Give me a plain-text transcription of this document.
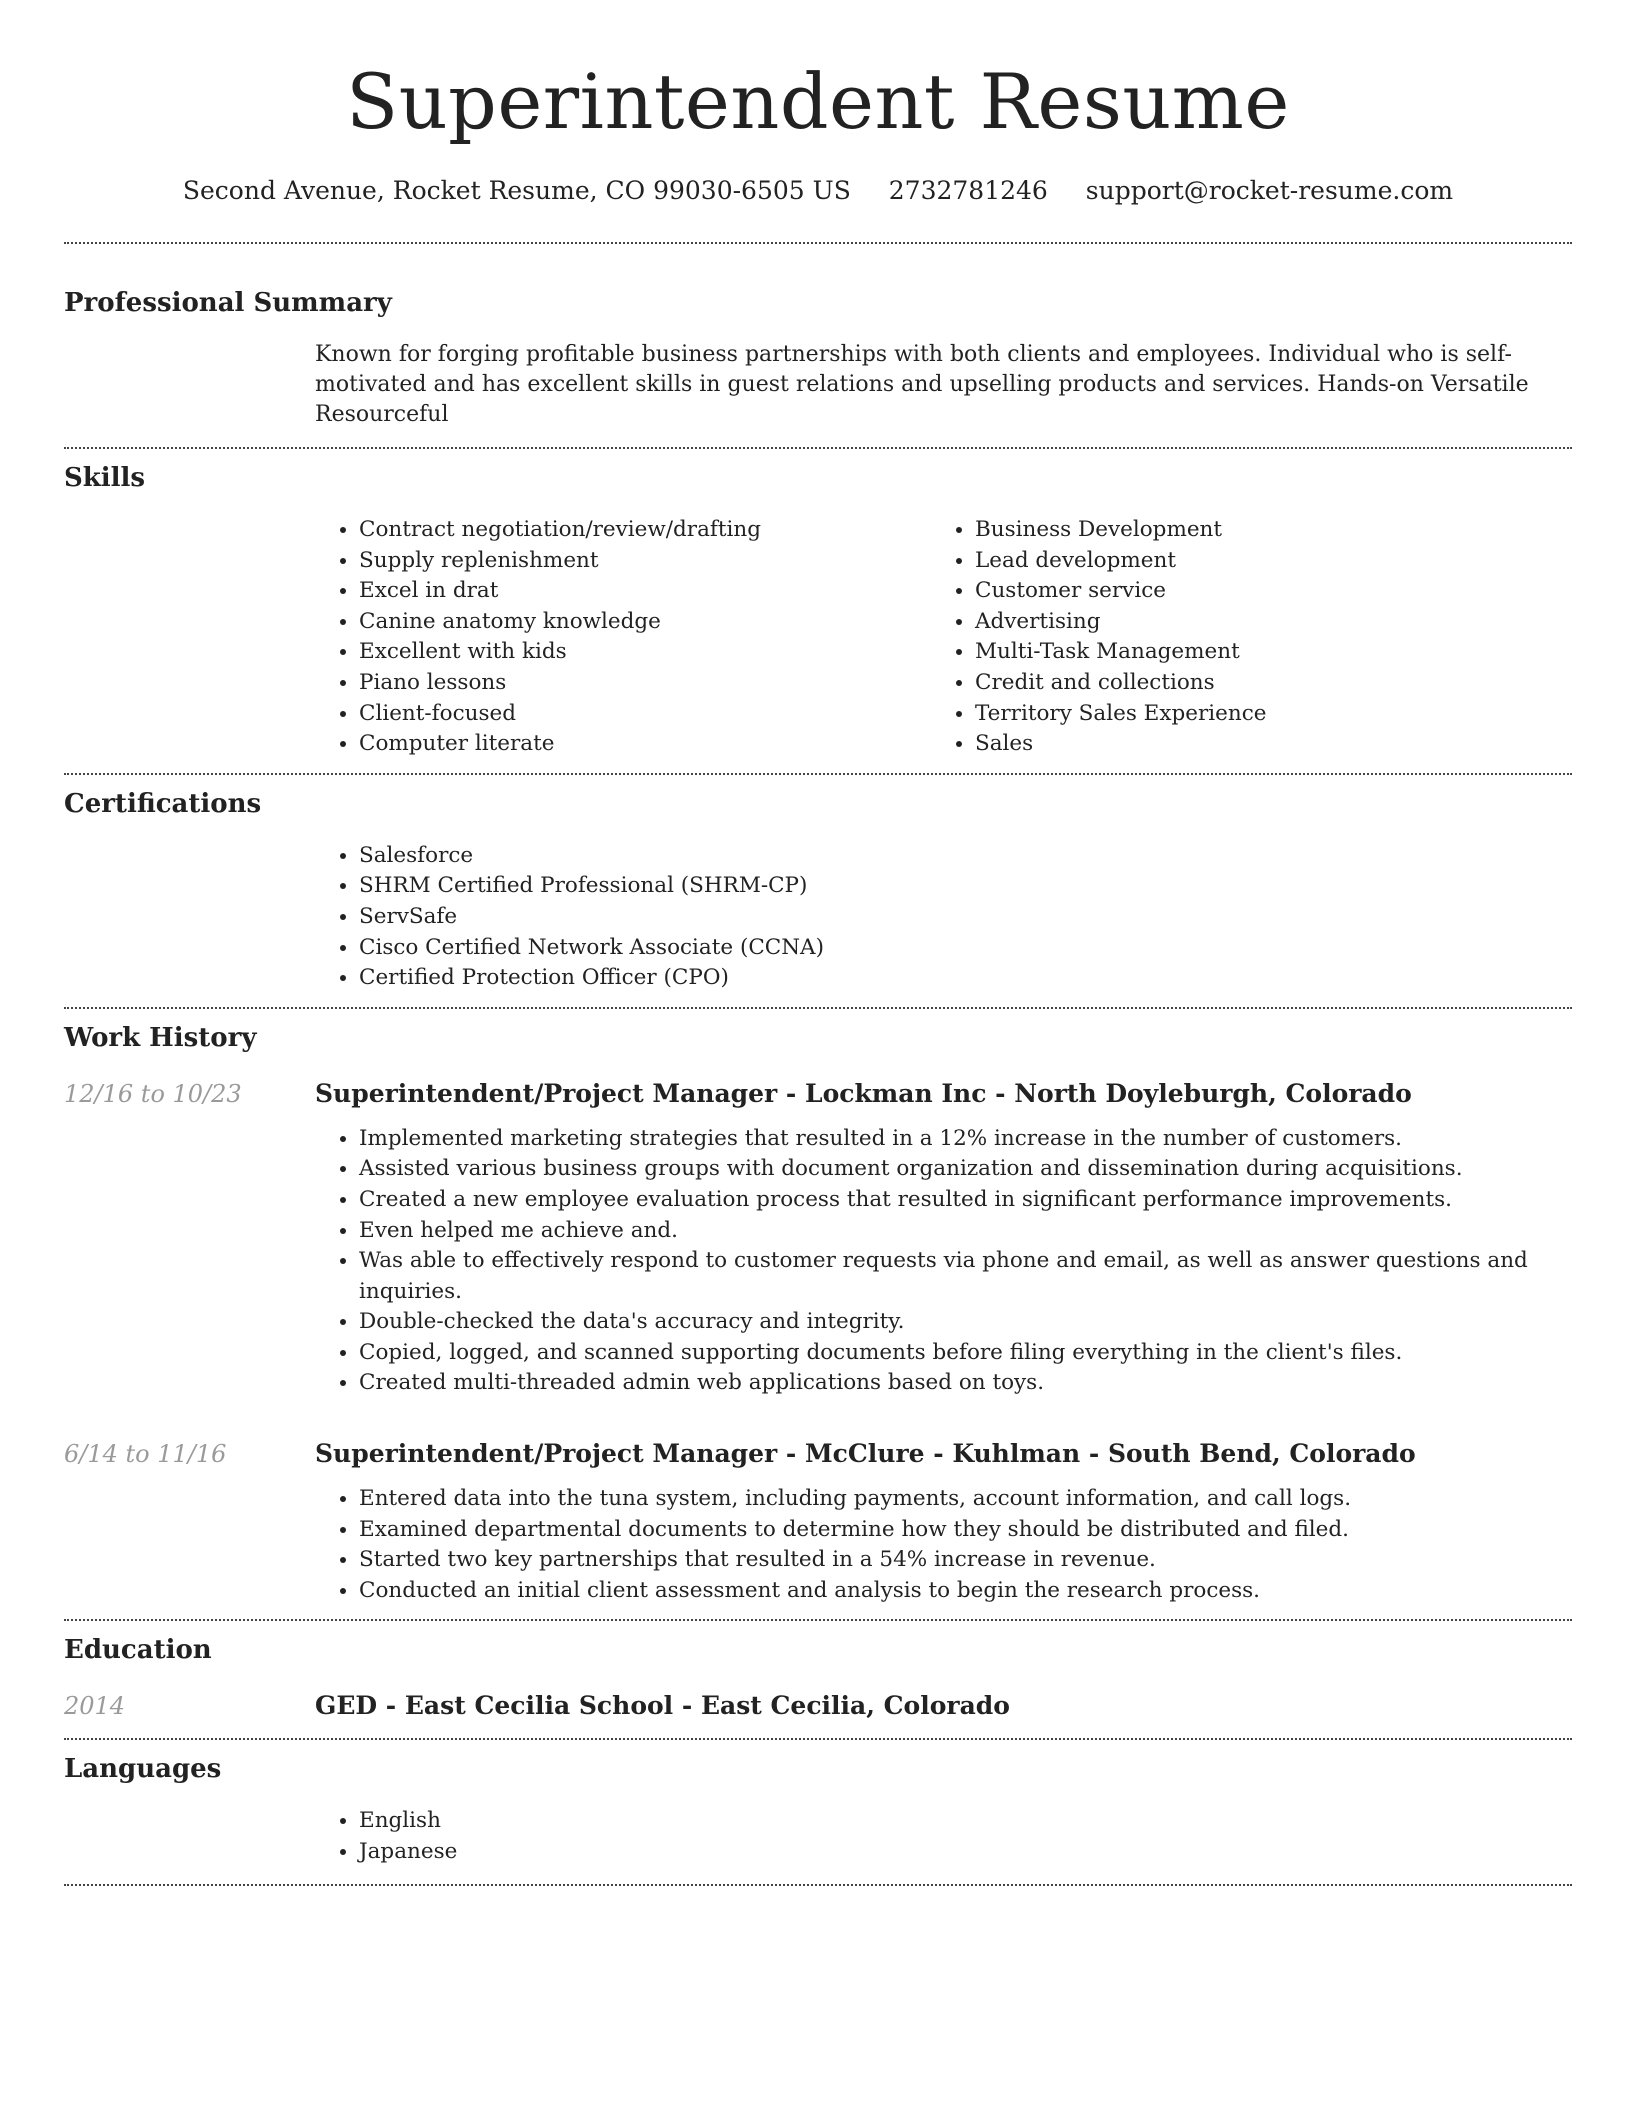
Superintendent Resume
Second Avenue, Rocket Resume, CO 99030-6505 US 2732781246 support@rocket-resume.com
Professional Summary

Known for forging profitable business partnerships with both clients and employees. Individual who is self-motivated and has excellent skills in guest relations and upselling products and services. Hands-on Versatile Resourceful

Skills
• Contract negotiation/review/drafting
• Supply replenishment
• Excel in drat
• Canine anatomy knowledge
• Excellent with kids
• Piano lessons
• Client-focused
• Computer literate
• Business Development
• Lead development
• Customer service
• Advertising
• Multi-Task Management
• Credit and collections
• Territory Sales Experience
• Sales
Certifications
• Salesforce
• SHRM Certified Professional (SHRM-CP)
• ServSafe
• Cisco Certified Network Associate (CCNA)
• Certified Protection Officer (CPO)
Work History
12/16 to 10/23	Superintendent/Project Manager - Lockman Inc - North Doyleburgh, Colorado
• Implemented marketing strategies that resulted in a 12% increase in the number of customers.
• Assisted various business groups with document organization and dissemination during acquisitions.
• Created a new employee evaluation process that resulted in significant performance improvements.
• Even helped me achieve and.
• Was able to effectively respond to customer requests via phone and email, as well as answer questions and inquiries.
• Double-checked the data's accuracy and integrity.
• Copied, logged, and scanned supporting documents before filing everything in the client's files.
• Created multi-threaded admin web applications based on toys.
6/14 to 11/16	Superintendent/Project Manager - McClure - Kuhlman - South Bend, Colorado
• Entered data into the tuna system, including payments, account information, and call logs.
• Examined departmental documents to determine how they should be distributed and filed.
• Started two key partnerships that resulted in a 54% increase in revenue.
• Conducted an initial client assessment and analysis to begin the research process.
Education
2014	GED - East Cecilia School - East Cecilia, Colorado
Languages
• English
• Japanese
